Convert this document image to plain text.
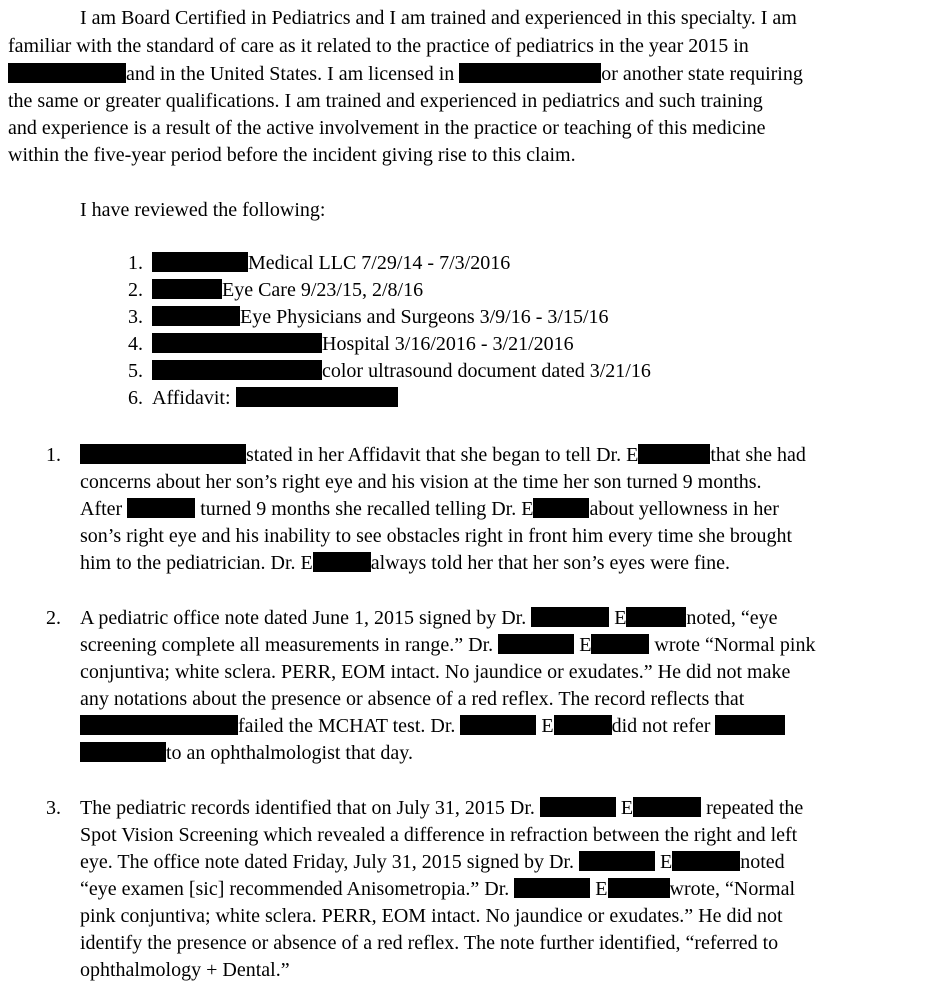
I am Board Certified in Pediatrics and I am trained and experienced in this specialty. I am
familiar with the standard of care as it related to the practice of pediatrics in the year 2015 in
and in the United States. I am licensed in	or another state requiring
the same or greater qualifications. I am trained and experienced in pediatrics and such training
and experience is a result of the active involvement in the practice or teaching of this medicine
within the five-year period before the incident giving rise to this claim.
I have reviewed the following:
1.	Medical LLC 7/29/14 - 7/3/2016
2.	Eye Care 9/23/15, 2/8/16
3.	Eye Physicians and Surgeons 3/9/16 - 3/15/16
4.	Hospital 3/16/2016 - 3/21/2016
5.	color ultrasound document dated 3/21/16
6. Affidavit:
1.	stated in her Affidavit that she began to tell Dr. E	that she had
concerns about her son’s right eye and his vision at the time her son turned 9 months.
After	turned 9 months she recalled telling Dr. E	about yellowness in her
son’s right eye and his inability to see obstacles right in front him every time she brought
him to the pediatrician. Dr. E	always told her that her son’s eyes were fine.
2. A pediatric office note dated June 1, 2015 signed by Dr.	E	noted, “eye
screening complete all measurements in range.” Dr.	E	wrote “Normal pink
conjuntiva; white sclera. PERR, EOM intact. No jaundice or exudates.” He did not make
any notations about the presence or absence of a red reflex. The record reflects that
failed the MCHAT test. Dr.	E	did not refer
to an ophthalmologist that day.
3. The pediatric records identified that on July 31, 2015 Dr.	E	repeated the
Spot Vision Screening which revealed a difference in refraction between the right and left
eye. The office note dated Friday, July 31, 2015 signed by Dr.	E	noted
“eye examen [sic] recommended Anisometropia.” Dr.	E	wrote, “Normal
pink conjuntiva; white sclera. PERR, EOM intact. No jaundice or exudates.” He did not
identify the presence or absence of a red reflex. The note further identified, “referred to
ophthalmology + Dental.”
